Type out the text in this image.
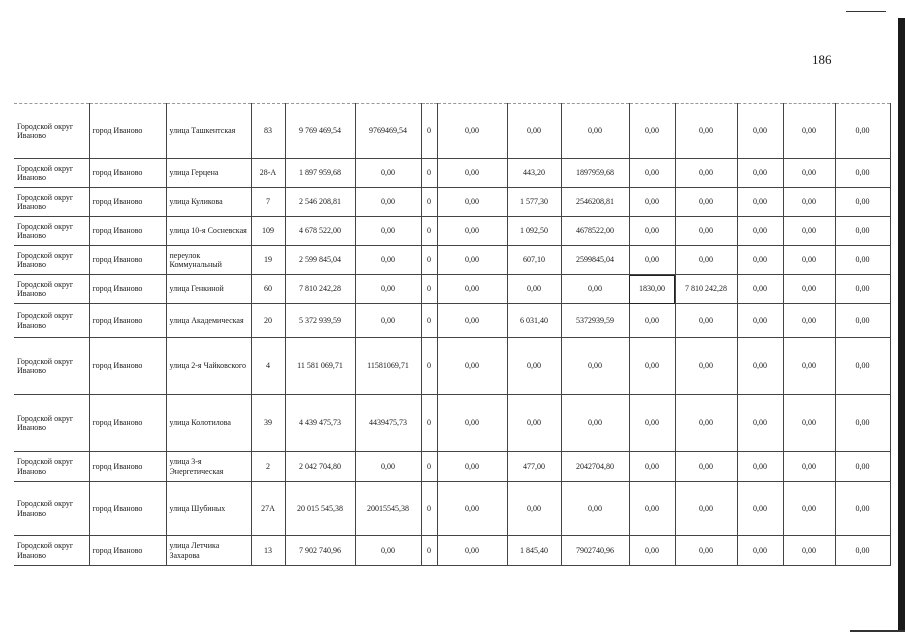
186
Городской округ Иваново	город Иваново	улица Ташкентская	83	9 769 469,54	9769469,54	0	0,00	0,00	0,00	0,00	0,00	0,00	0,00	0,00
Городской округ Иваново	город Иваново	улица Герцена	28-А	1 897 959,68	0,00	0	0,00	443,20	1897959,68	0,00	0,00	0,00	0,00	0,00
Городской округ Иваново	город Иваново	улица Куликова	7	2 546 208,81	0,00	0	0,00	1 577,30	2546208,81	0,00	0,00	0,00	0,00	0,00
Городской округ Иваново	город Иваново	улица 10-я Сосневская	109	4 678 522,00	0,00	0	0,00	1 092,50	4678522,00	0,00	0,00	0,00	0,00	0,00
Городской округ Иваново	город Иваново	переулок Коммунальный	19	2 599 845,04	0,00	0	0,00	607,10	2599845,04	0,00	0,00	0,00	0,00	0,00
Городской округ Иваново	город Иваново	улица Генкиной	60	7 810 242,28	0,00	0	0,00	0,00	0,00	1830,00	7 810 242,28	0,00	0,00	0,00
Городской округ Иваново	город Иваново	улица Академическая	20	5 372 939,59	0,00	0	0,00	6 031,40	5372939,59	0,00	0,00	0,00	0,00	0,00
Городской округ Иваново	город Иваново	улица 2-я Чайковского	4	11 581 069,71	11581069,71	0	0,00	0,00	0,00	0,00	0,00	0,00	0,00	0,00
Городской округ Иваново	город Иваново	улица Колотилова	39	4 439 475,73	4439475,73	0	0,00	0,00	0,00	0,00	0,00	0,00	0,00	0,00
Городской округ Иваново	город Иваново	улица 3-я Энергетическая	2	2 042 704,80	0,00	0	0,00	477,00	2042704,80	0,00	0,00	0,00	0,00	0,00
Городской округ Иваново	город Иваново	улица Шубиных	27А	20 015 545,38	20015545,38	0	0,00	0,00	0,00	0,00	0,00	0,00	0,00	0,00
Городской округ Иваново	город Иваново	улица Летчика Захарова	13	7 902 740,96	0,00	0	0,00	1 845,40	7902740,96	0,00	0,00	0,00	0,00	0,00
